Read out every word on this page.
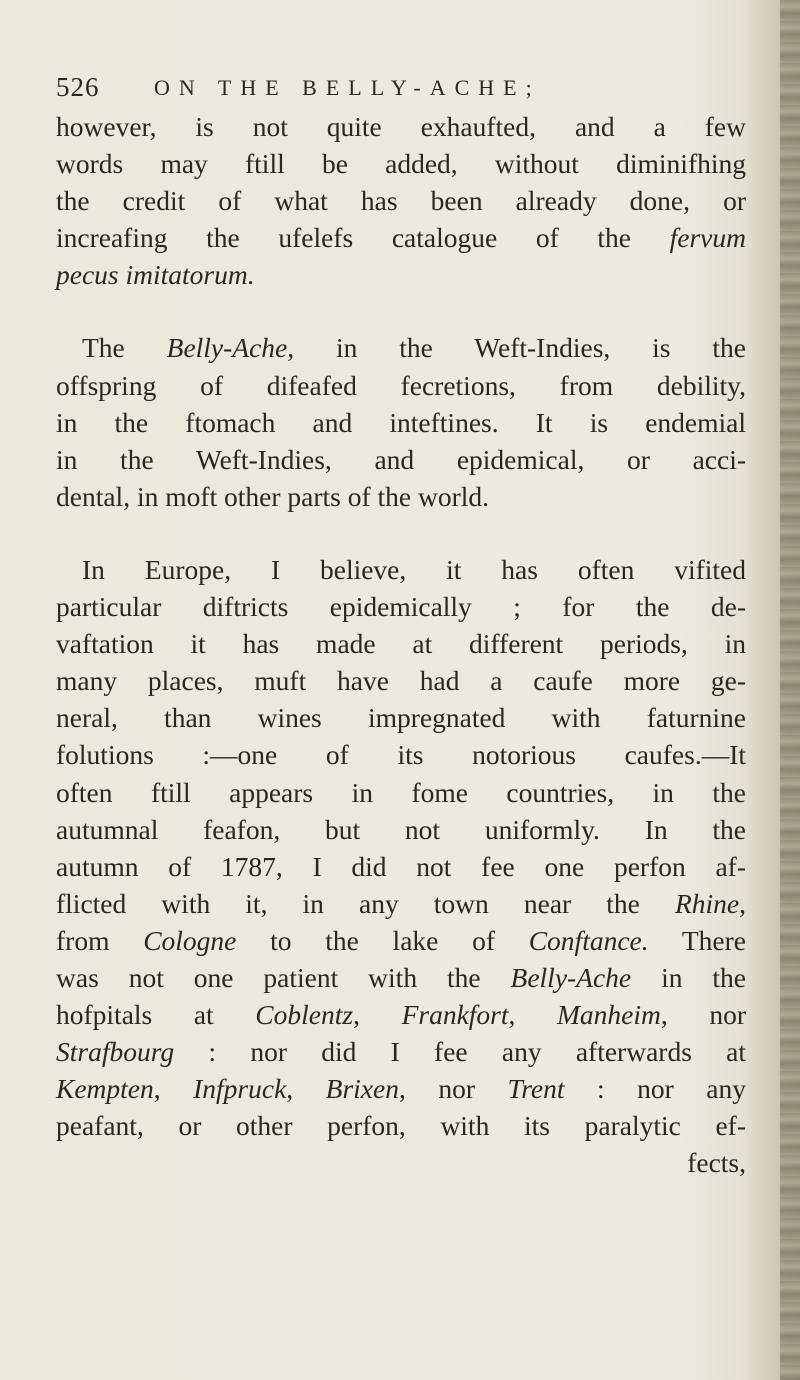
526 ON THE BELLY-ACHE;

however, is not quite exhaufted, and a few
words may ftill be added, without diminifhing
the credit of what has been already done, or
increafing the ufelefs catalogue of the fervum
pecus imitatorum.

The Belly-Ache, in the Weft-Indies, is the
offspring of difeafed fecretions, from debility,
in the ftomach and inteftines. It is endemial
in the Weft-Indies, and epidemical, or acci-
dental, in moft other parts of the world.

In Europe, I believe, it has often vifited
particular diftricts epidemically ; for the de-
vaftation it has made at different periods, in
many places, muft have had a caufe more ge-
neral, than wines impregnated with faturnine
folutions :—one of its notorious caufes.—It
often ftill appears in fome countries, in the
autumnal feafon, but not uniformly. In the
autumn of 1787, I did not fee one perfon af-
flicted with it, in any town near the Rhine,
from Cologne to the lake of Conftance. There
was not one patient with the Belly-Ache in the
hofpitals at Coblentz, Frankfort, Manheim, nor
Strafbourg : nor did I fee any afterwards at
Kempten, Infpruck, Brixen, nor Trent : nor any
peafant, or other perfon, with its paralytic ef-
fects,
